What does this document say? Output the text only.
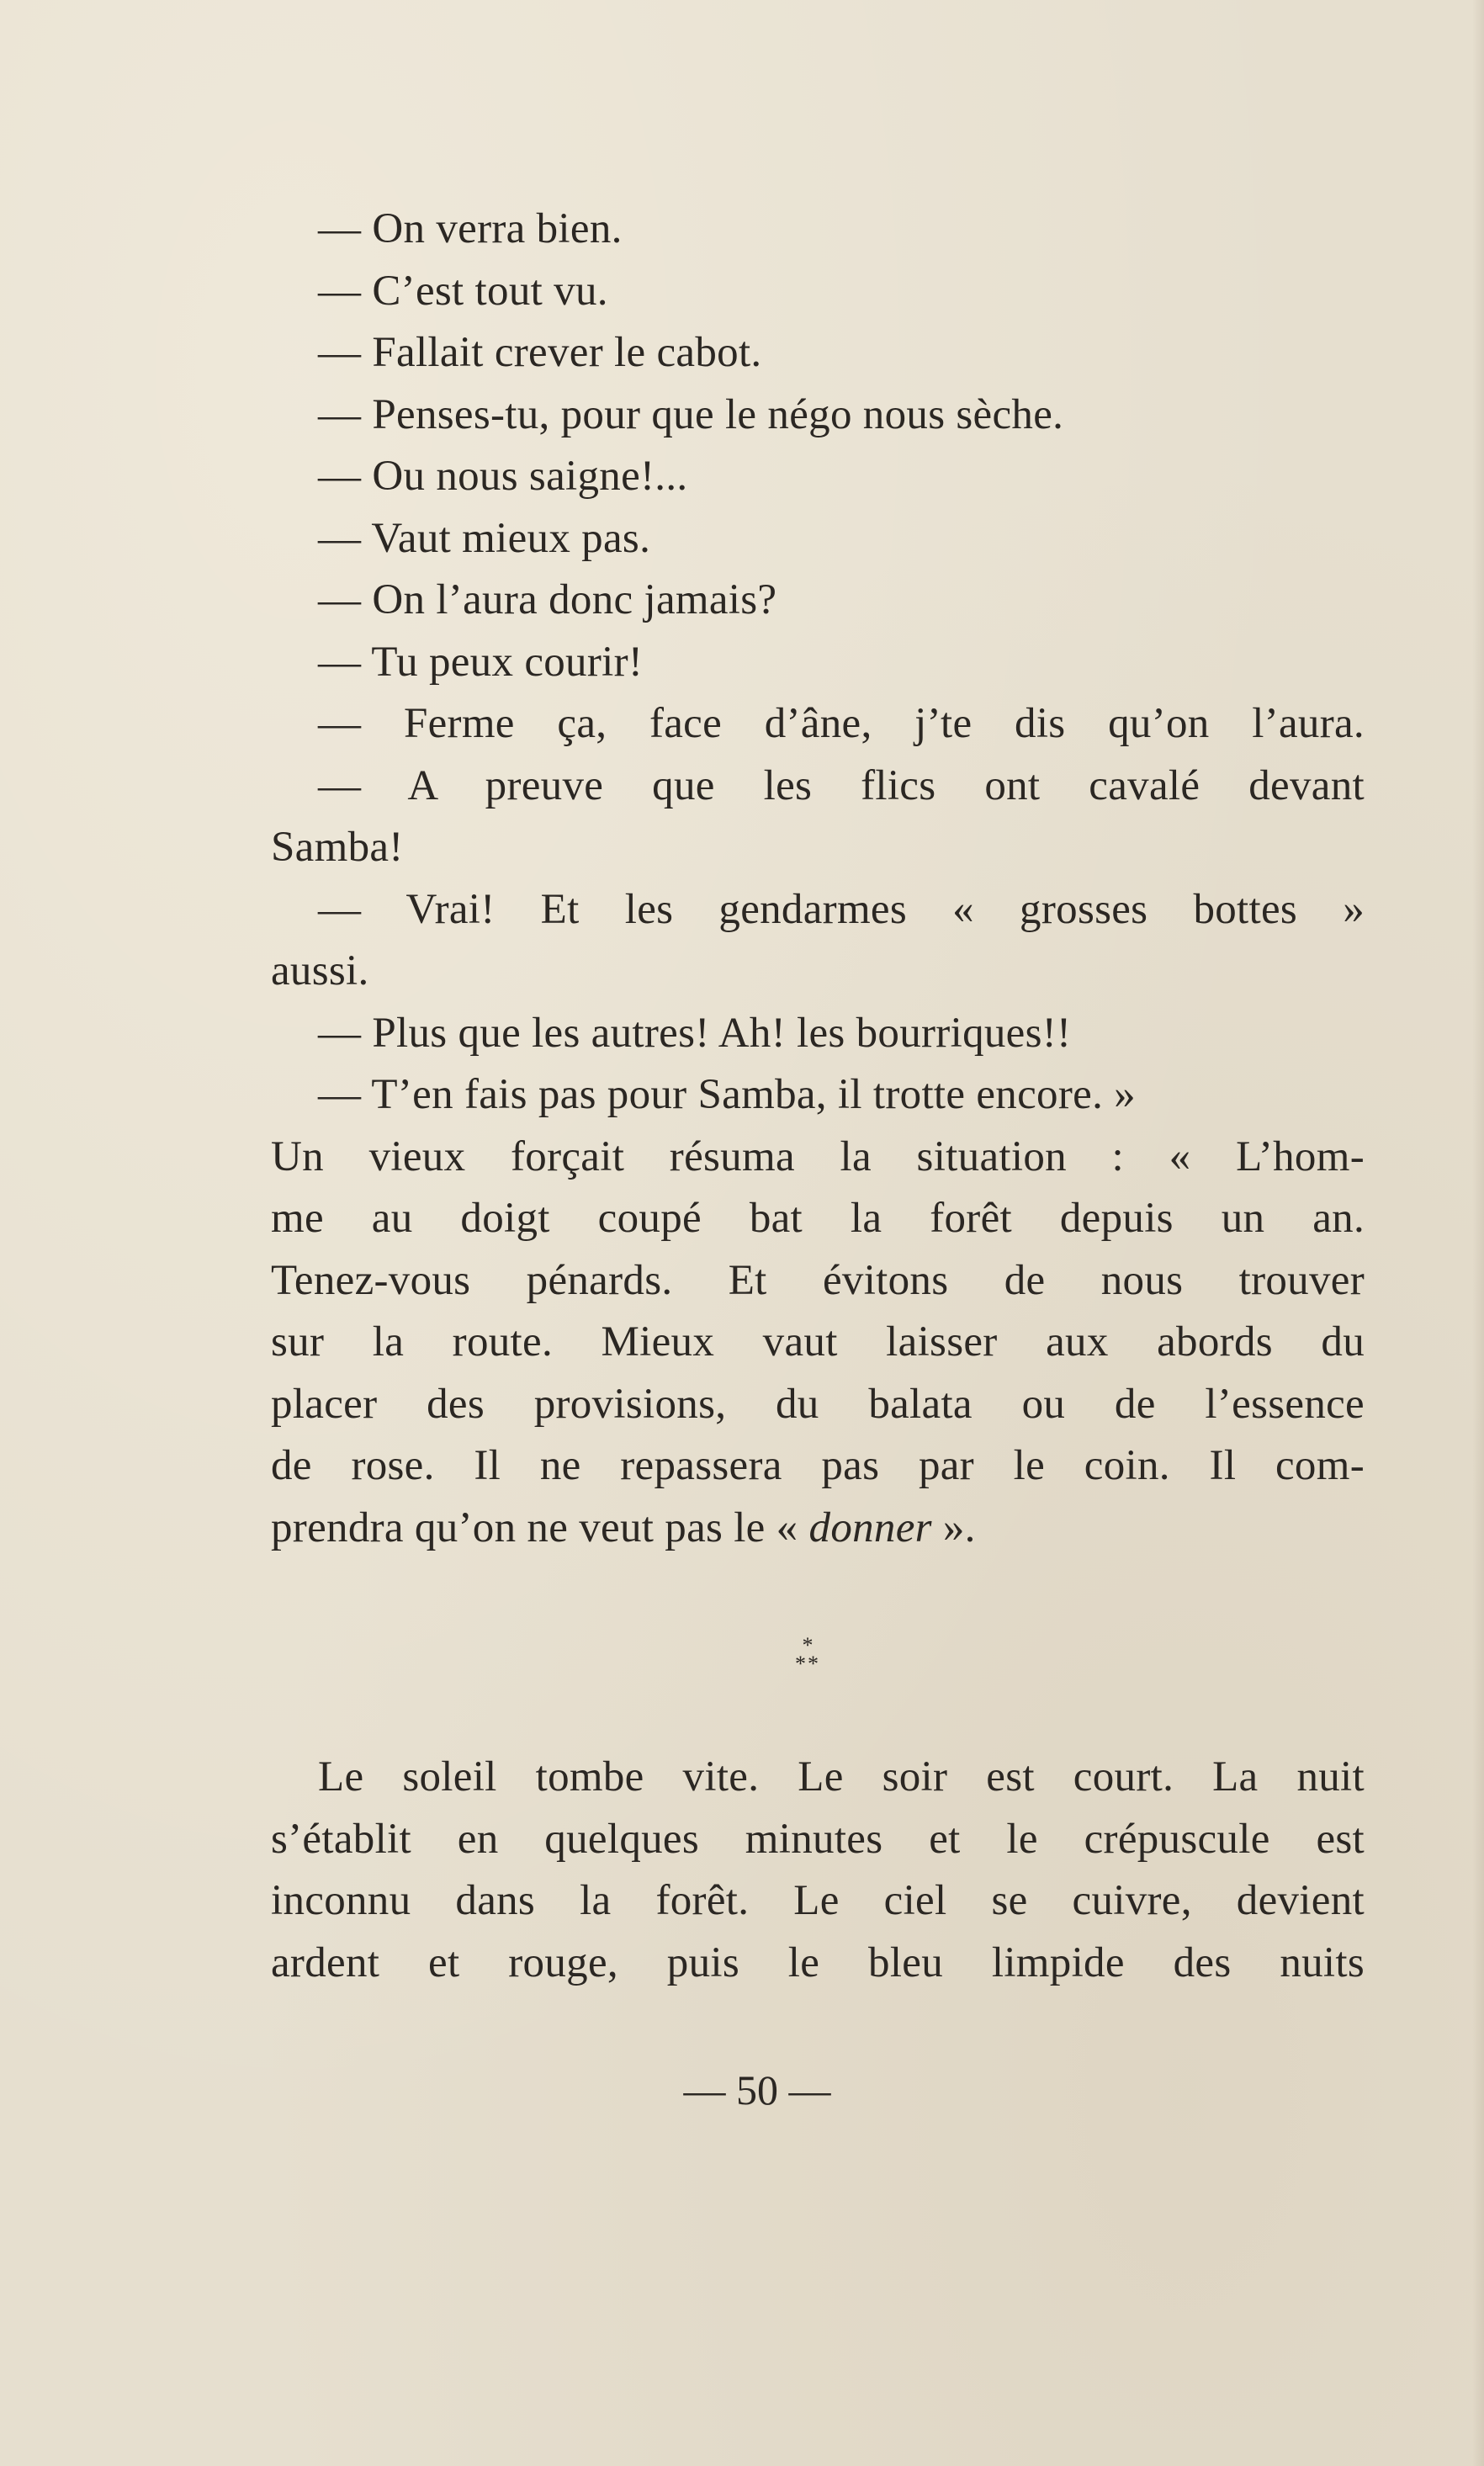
— On verra bien.
— C’est tout vu.
— Fallait crever le cabot.
— Penses-tu, pour que le négo nous sèche.
— Ou nous saigne!...
— Vaut mieux pas.
— On l’aura donc jamais?
— Tu peux courir!
— Ferme ça, face d’âne, j’te dis qu’on l’aura.
— A preuve que les flics ont cavalé devant
Samba!
— Vrai! Et les gendarmes « grosses bottes »
aussi.
— Plus que les autres! Ah! les bourriques!!
— T’en fais pas pour Samba, il trotte encore. »
Un vieux forçait résuma la situation : « L’hom-
me au doigt coupé bat la forêt depuis un an.
Tenez-vous pénards. Et évitons de nous trouver
sur la route. Mieux vaut laisser aux abords du
placer des provisions, du balata ou de l’essence
de rose. Il ne repassera pas par le coin. Il com-
prendra qu’on ne veut pas le « donner ».
*
**
Le soleil tombe vite. Le soir est court. La nuit
s’établit en quelques minutes et le crépuscule est
inconnu dans la forêt. Le ciel se cuivre, devient
ardent et rouge, puis le bleu limpide des nuits
— 50 —
